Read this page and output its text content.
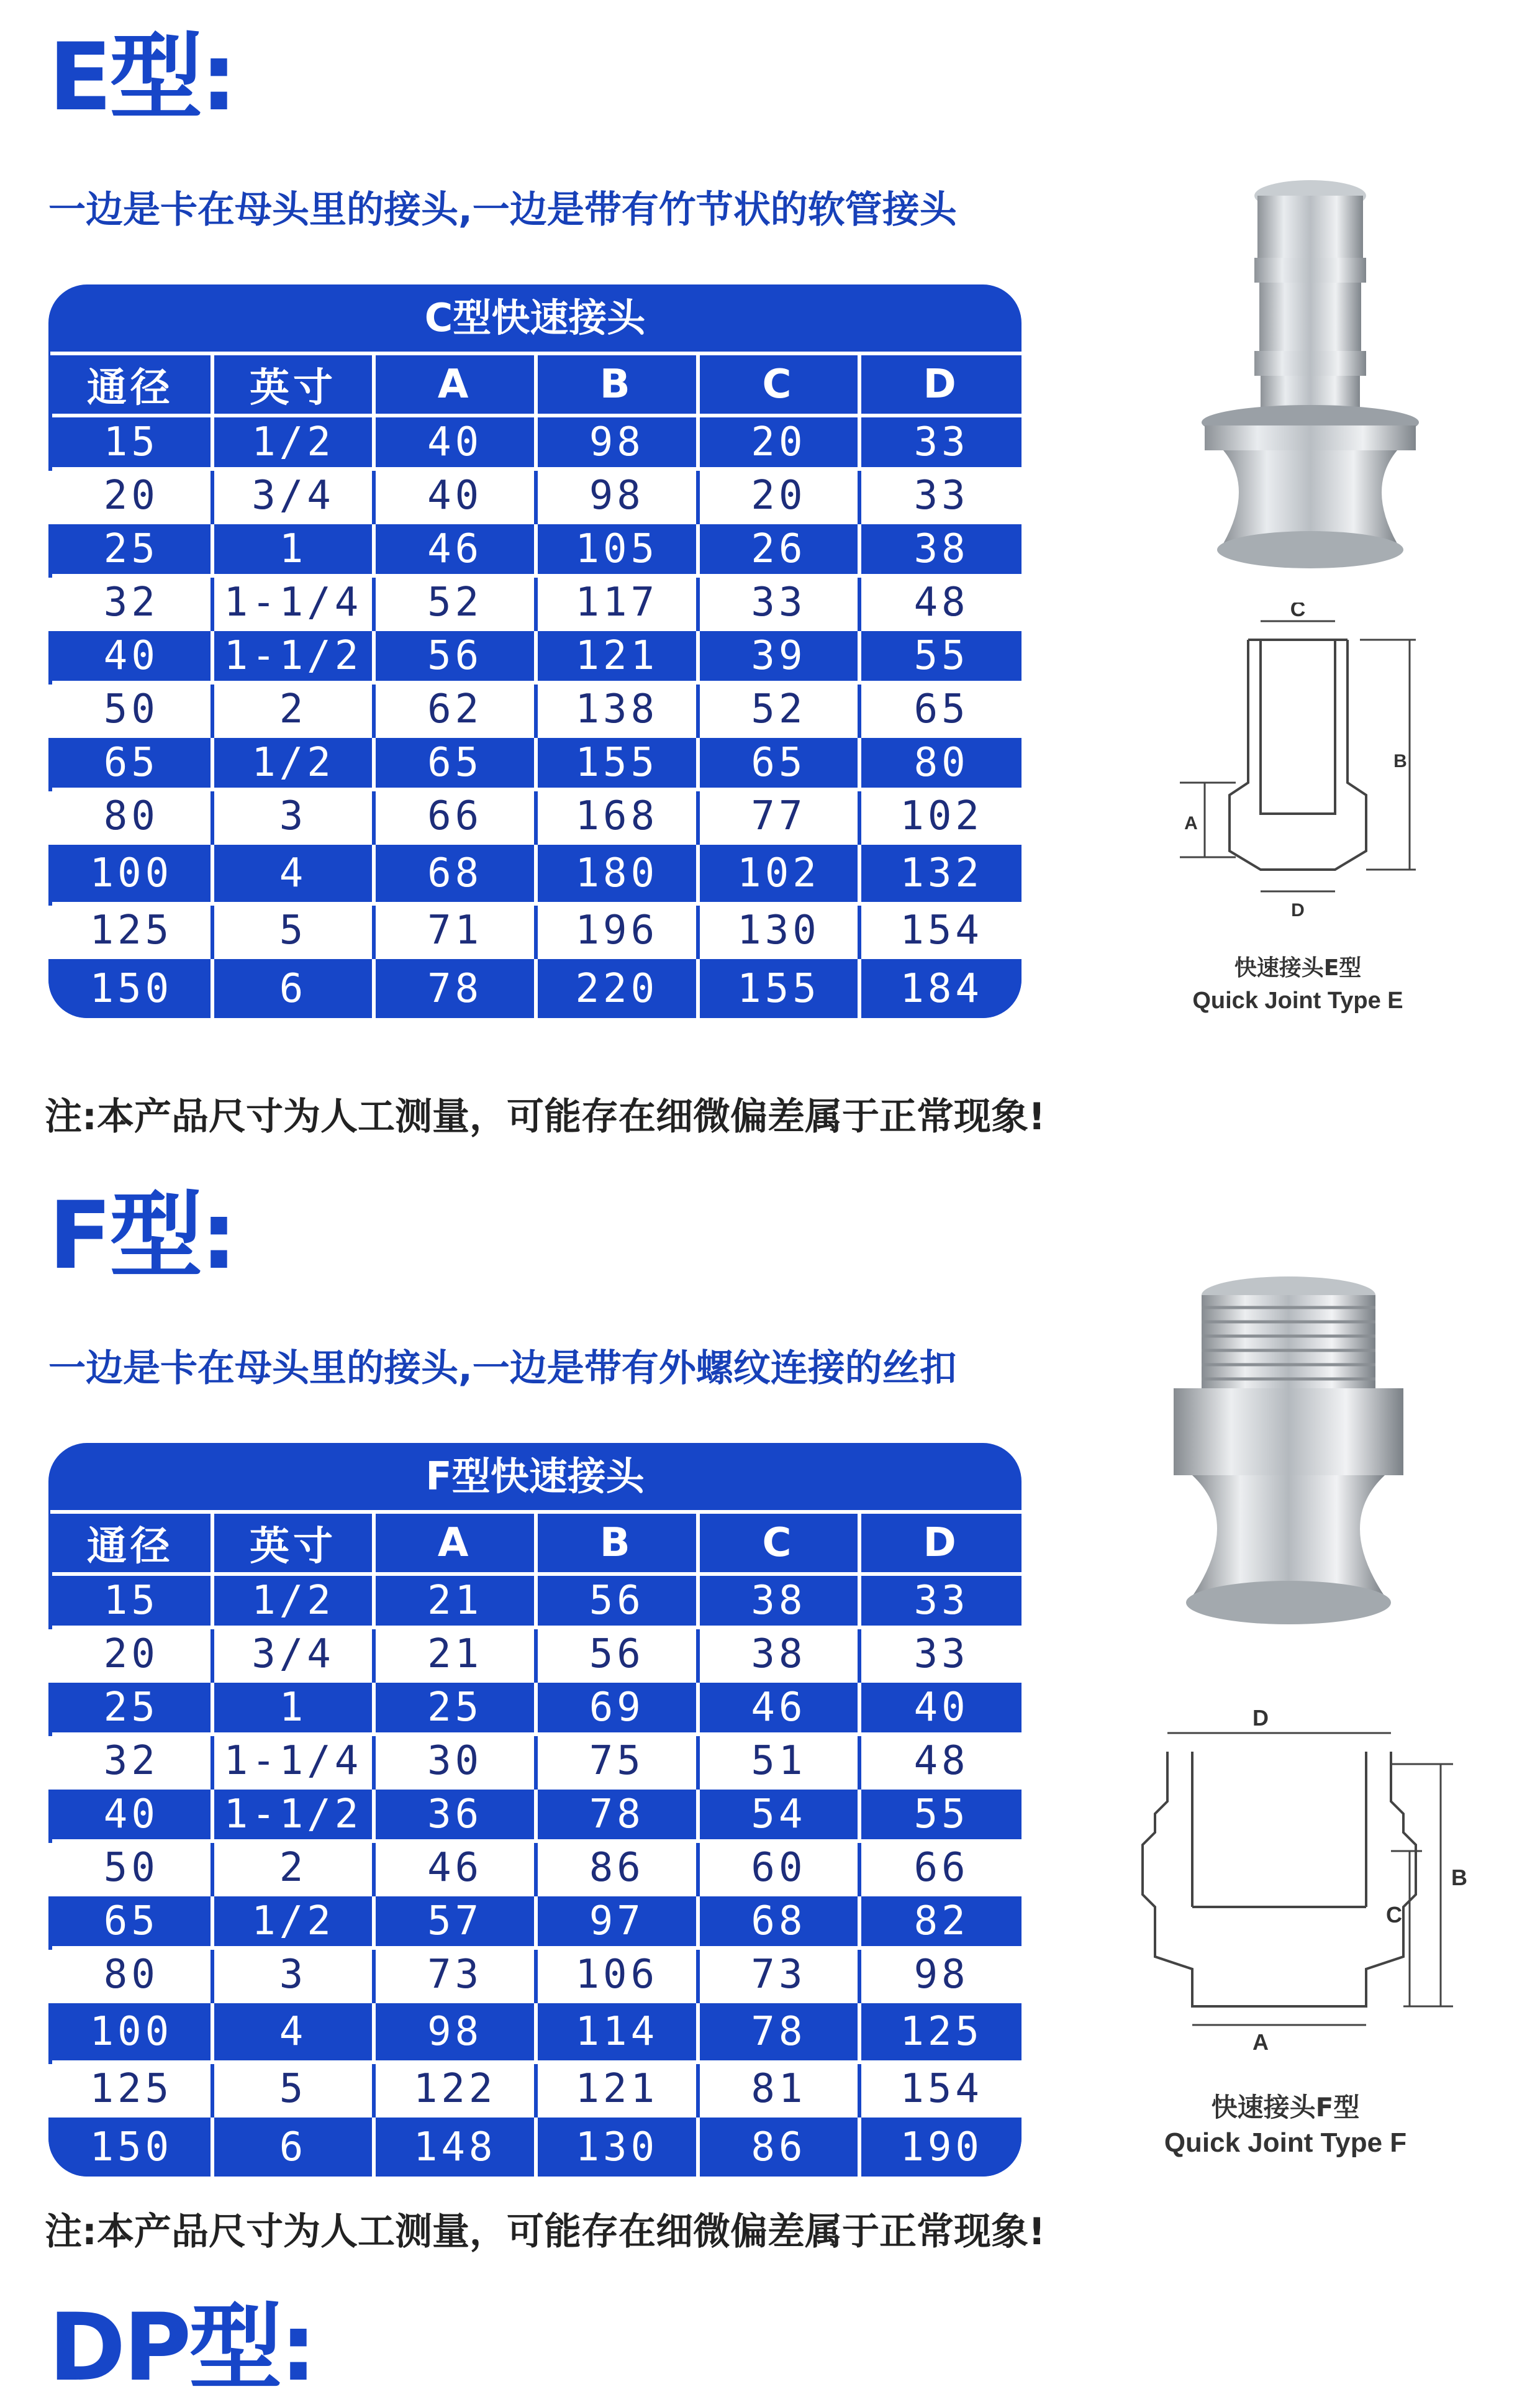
E型:
一边是卡在母头里的接头,一边是带有竹节状的软管接头
C型快速接头
通径	英寸	A	B	C	D
15	1/2	40	98	20	33
20	3/4	40	98	20	33
25	1	46	105	26	38
32	1-1/4	52	117	33	48
40	1-1/2	56	121	39	55
50	2	62	138	52	65
65	1/2	65	155	65	80
80	3	66	168	77	102
100	4	68	180	102	132
125	5	71	196	130	154
150	6	78	220	155	184
C
B
A
D
快速接头E型
Quick Joint Type E
注:本产品尺寸为人工测量，可能存在细微偏差属于正常现象!
F型:
一边是卡在母头里的接头,一边是带有外螺纹连接的丝扣
F型快速接头
通径	英寸	A	B	C	D
15	1/2	21	56	38	33
20	3/4	21	56	38	33
25	1	25	69	46	40
32	1-1/4	30	75	51	48
40	1-1/2	36	78	54	55
50	2	46	86	60	66
65	1/2	57	97	68	82
80	3	73	106	73	98
100	4	98	114	78	125
125	5	122	121	81	154
150	6	148	130	86	190
D
B
C
A
快速接头F型
Quick Joint Type F
注:本产品尺寸为人工测量，可能存在细微偏差属于正常现象!
DP型:
